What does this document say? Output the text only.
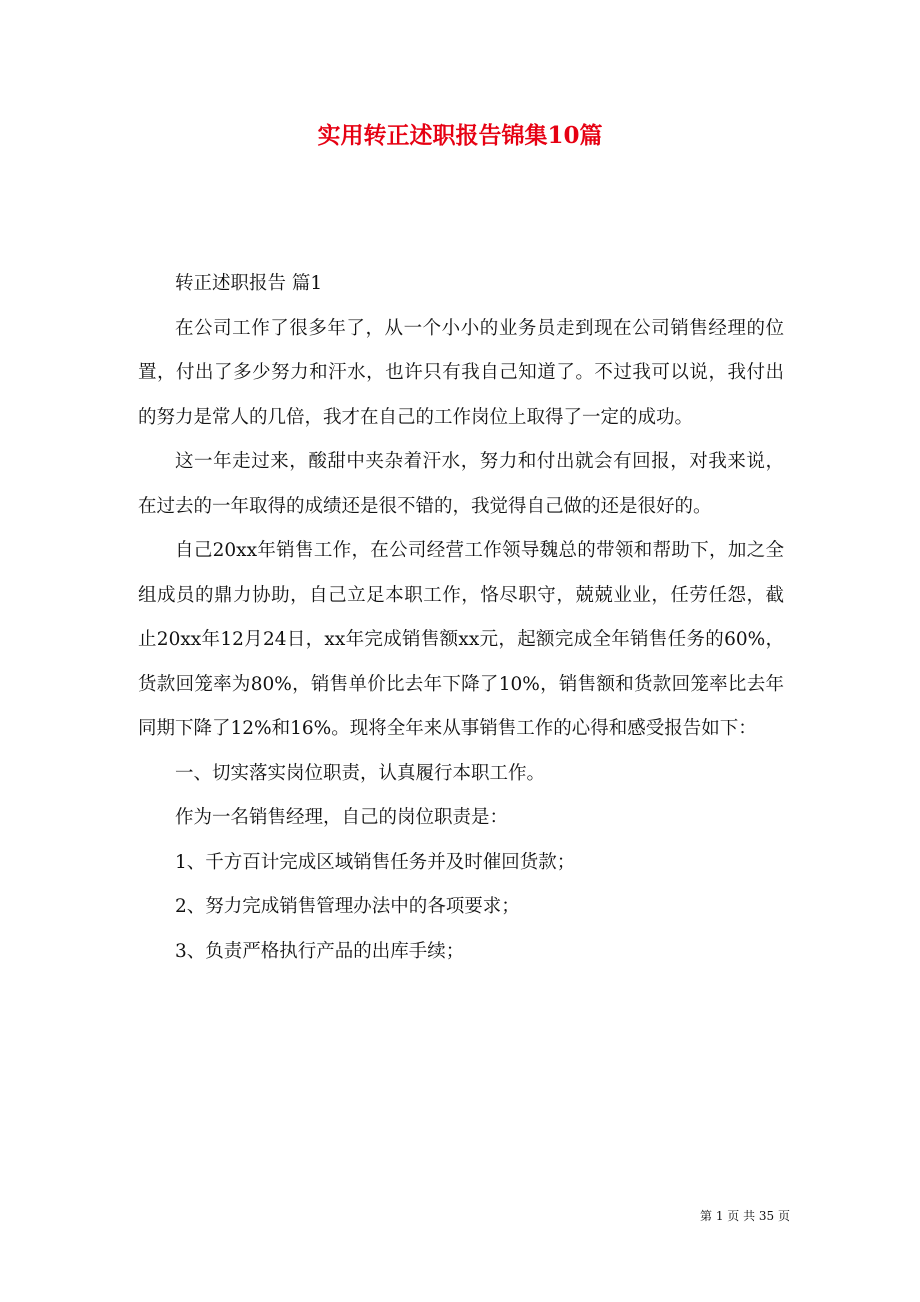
实用转正述职报告锦集10篇

转正述职报告 篇1

在公司工作了很多年了，从一个小小的业务员走到现在公司销售经理的位置，付出了多少努力和汗水，也许只有我自己知道了。不过我可以说，我付出的努力是常人的几倍，我才在自己的工作岗位上取得了一定的成功。

这一年走过来，酸甜中夹杂着汗水，努力和付出就会有回报，对我来说，在过去的一年取得的成绩还是很不错的，我觉得自己做的还是很好的。

自己20xx年销售工作，在公司经营工作领导魏总的带领和帮助下，加之全组成员的鼎力协助，自己立足本职工作，恪尽职守，兢兢业业，任劳任怨，截止20xx年12月24日，xx年完成销售额xx元，起额完成全年销售任务的60%，货款回笼率为80%，销售单价比去年下降了10%，销售额和货款回笼率比去年同期下降了12%和16%。现将全年来从事销售工作的心得和感受报告如下：

一、切实落实岗位职责，认真履行本职工作。

作为一名销售经理，自己的岗位职责是：

1、千方百计完成区域销售任务并及时催回货款；

2、努力完成销售管理办法中的各项要求；

3、负责严格执行产品的出库手续；

第 1 页 共 35 页
